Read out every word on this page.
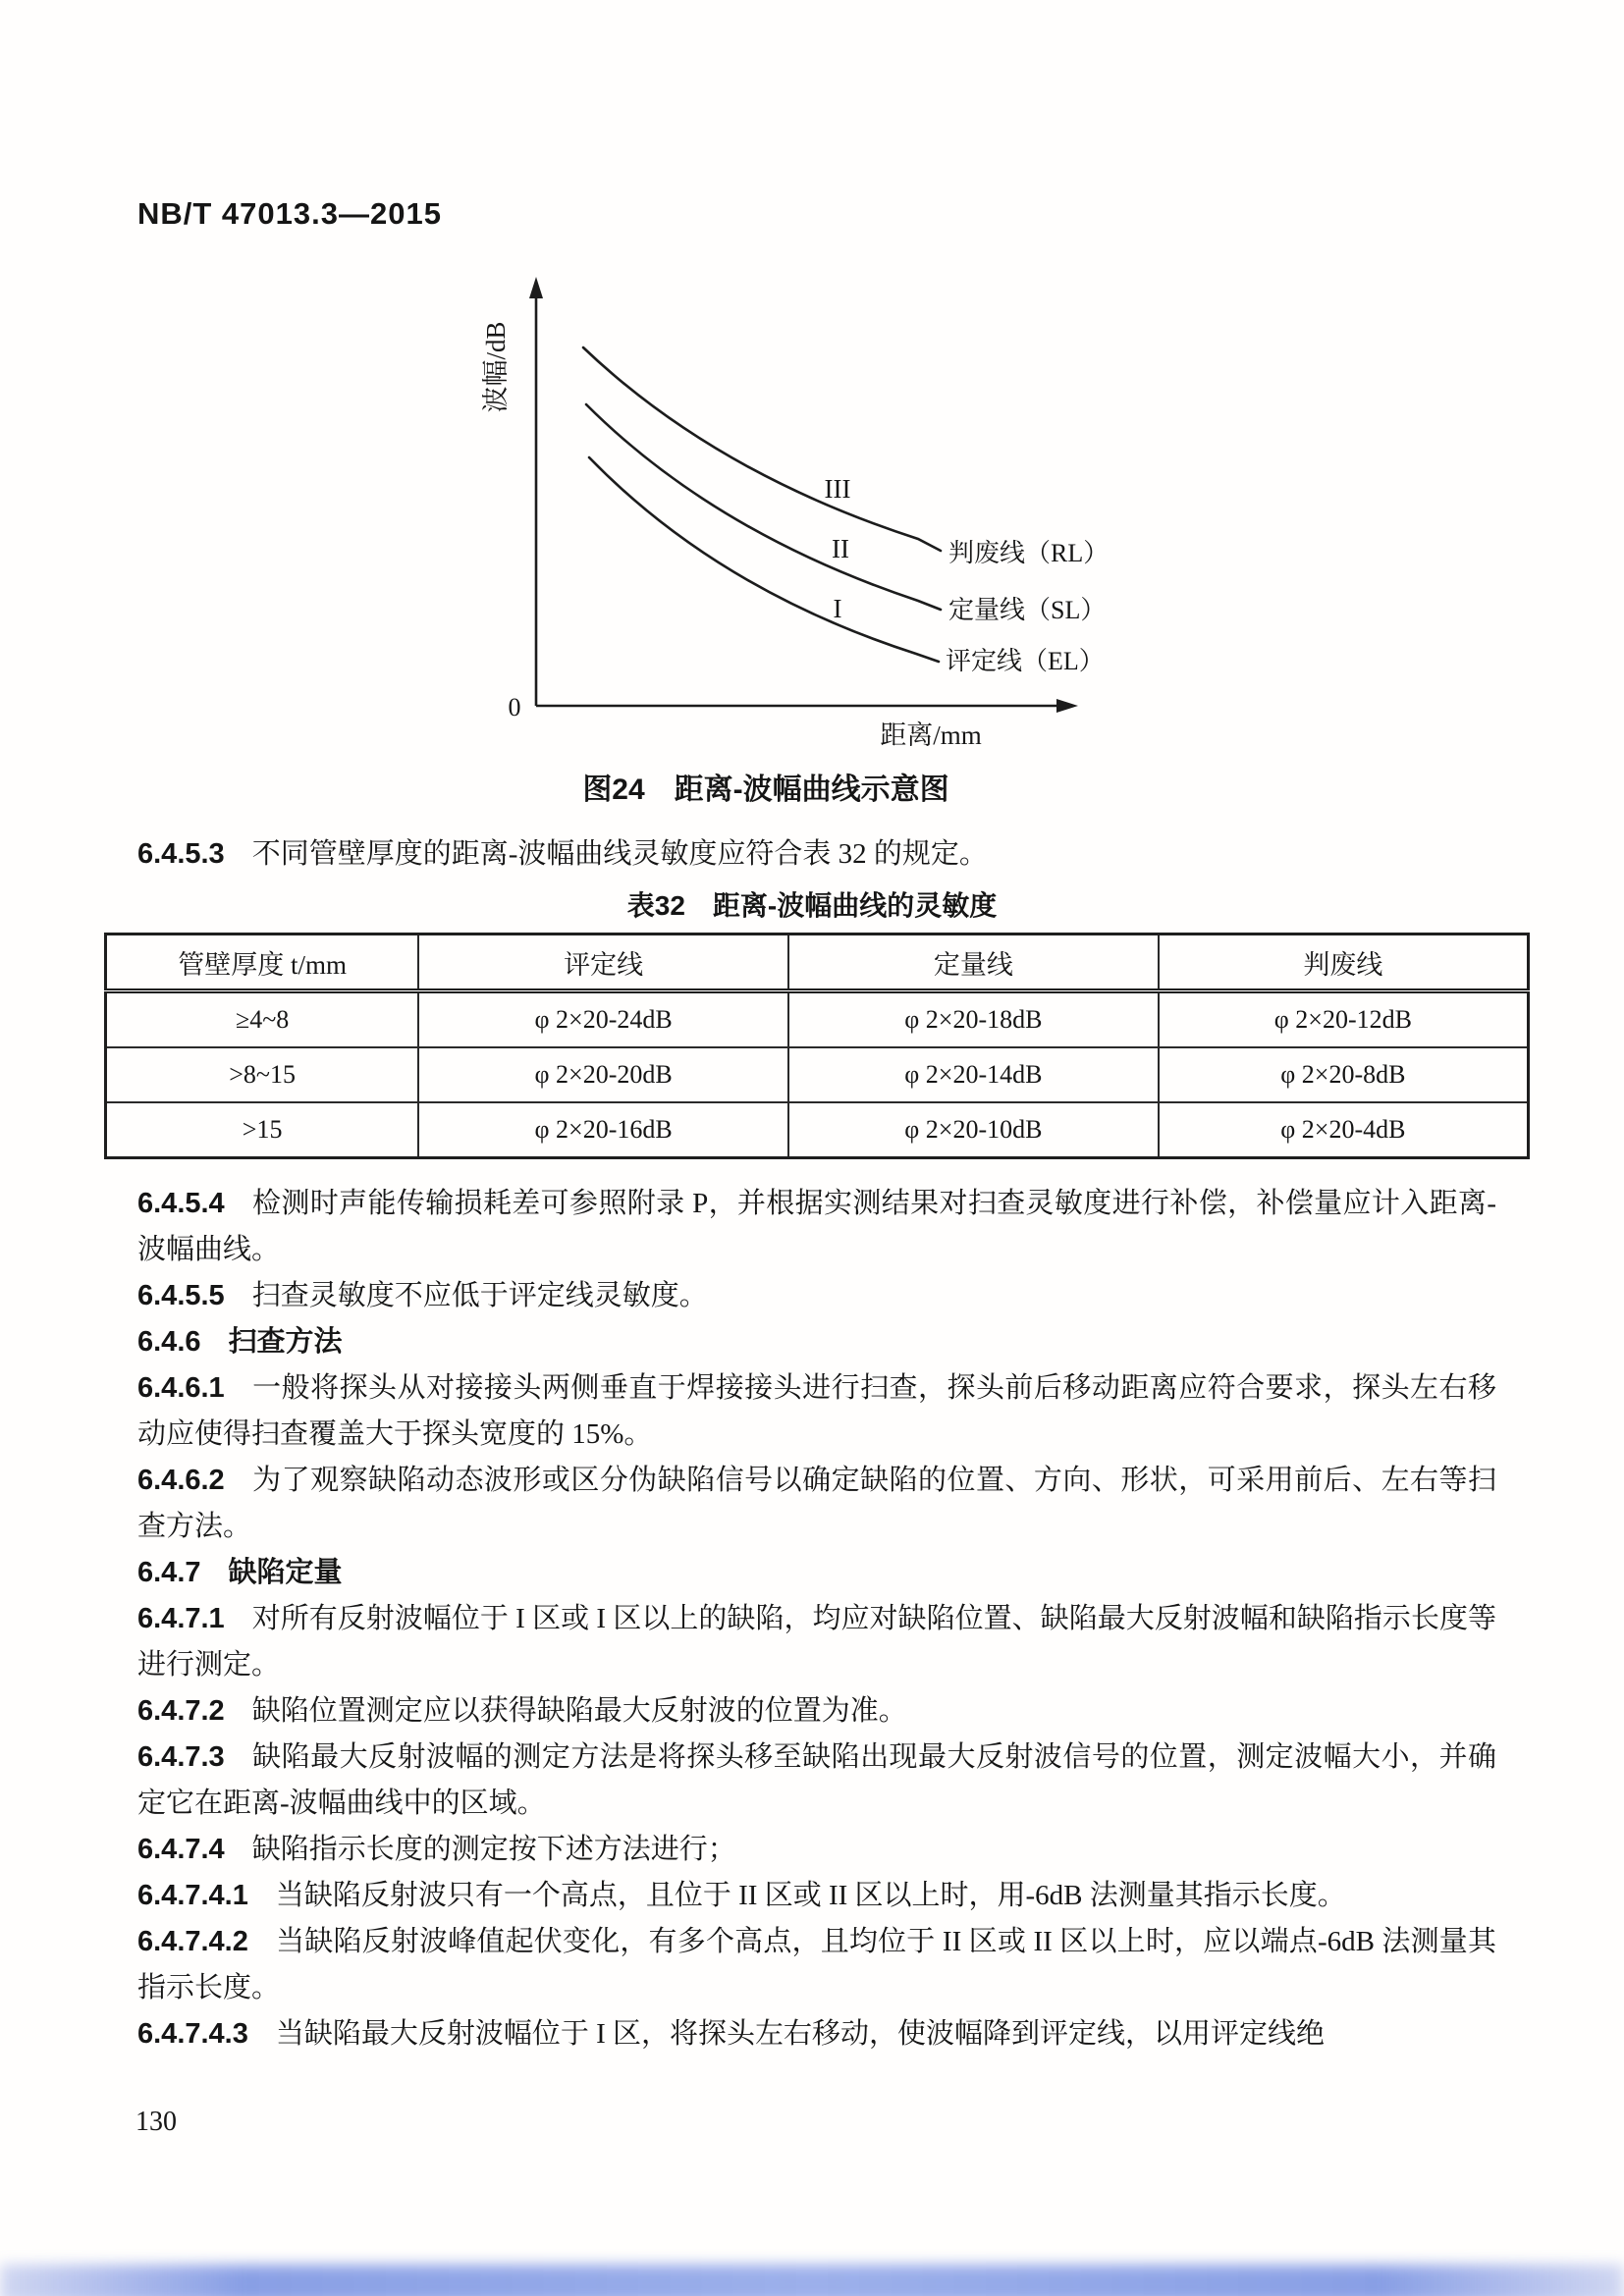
NB/T 47013.3—2015
0
波幅/dB
距离/mm
III
II
I
判废线（RL）
定量线（SL）
评定线（EL）
图24　距离-波幅曲线示意图
6.4.5.3 不同管壁厚度的距离-波幅曲线灵敏度应符合表 32 的规定。
表32　距离-波幅曲线的灵敏度
管壁厚度 t/mm	评定线	定量线	判废线
≥4~8	φ 2×20-24dB	φ 2×20-18dB	φ 2×20-12dB
>8~15	φ 2×20-20dB	φ 2×20-14dB	φ 2×20-8dB
>15	φ 2×20-16dB	φ 2×20-10dB	φ 2×20-4dB
6.4.5.4 检测时声能传输损耗差可参照附录 P，并根据实测结果对扫查灵敏度进行补偿，补偿量应计入距离-波幅曲线。
6.4.5.5 扫查灵敏度不应低于评定线灵敏度。
6.4.6 扫查方法
6.4.6.1 一般将探头从对接接头两侧垂直于焊接接头进行扫查，探头前后移动距离应符合要求，探头左右移动应使得扫查覆盖大于探头宽度的 15%。
6.4.6.2 为了观察缺陷动态波形或区分伪缺陷信号以确定缺陷的位置、方向、形状，可采用前后、左右等扫查方法。
6.4.7 缺陷定量
6.4.7.1 对所有反射波幅位于 I 区或 I 区以上的缺陷，均应对缺陷位置、缺陷最大反射波幅和缺陷指示长度等进行测定。
6.4.7.2 缺陷位置测定应以获得缺陷最大反射波的位置为准。
6.4.7.3 缺陷最大反射波幅的测定方法是将探头移至缺陷出现最大反射波信号的位置，测定波幅大小，并确定它在距离-波幅曲线中的区域。
6.4.7.4 缺陷指示长度的测定按下述方法进行；
6.4.7.4.1 当缺陷反射波只有一个高点，且位于 II 区或 II 区以上时，用-6dB 法测量其指示长度。
6.4.7.4.2 当缺陷反射波峰值起伏变化，有多个高点，且均位于 II 区或 II 区以上时，应以端点-6dB 法测量其指示长度。
6.4.7.4.3 当缺陷最大反射波幅位于 I 区，将探头左右移动，使波幅降到评定线，以用评定线绝
130
